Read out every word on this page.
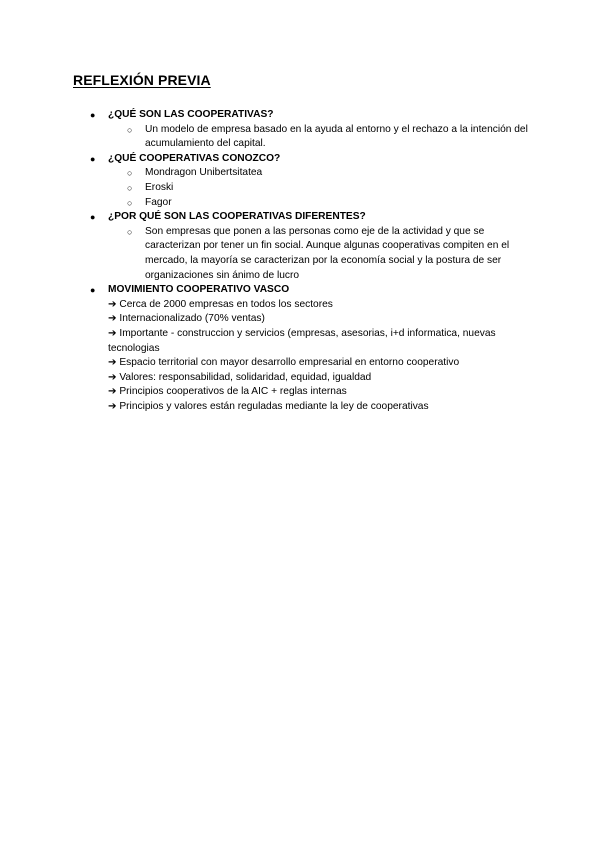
REFLEXIÓN PREVIA
● ¿QUÉ SON LAS COOPERATIVAS?
○ Un modelo de empresa basado en la ayuda al entorno y el rechazo a la intención del acumulamiento del capital.
● ¿QUÉ COOPERATIVAS CONOZCO?
○ Mondragon Unibertsitatea
○ Eroski
○ Fagor
● ¿POR QUÉ SON LAS COOPERATIVAS DIFERENTES?
○ Son empresas que ponen a las personas como eje de la actividad y que se caracterizan por tener un fin social. Aunque algunas cooperativas compiten en el mercado, la mayoría se caracterizan por la economía social y la postura de ser organizaciones sin ánimo de lucro
● MOVIMIENTO COOPERATIVO VASCO
➔ Cerca de 2000 empresas en todos los sectores
➔ Internacionalizado (70% ventas)
➔ Importante - construccion y servicios (empresas, asesorias, i+d informatica, nuevas tecnologias
➔ Espacio territorial con mayor desarrollo empresarial en entorno cooperativo
➔ Valores: responsabilidad, solidaridad, equidad, igualdad
➔ Principios cooperativos de la AIC + reglas internas
➔ Principios y valores están reguladas mediante la ley de cooperativas
